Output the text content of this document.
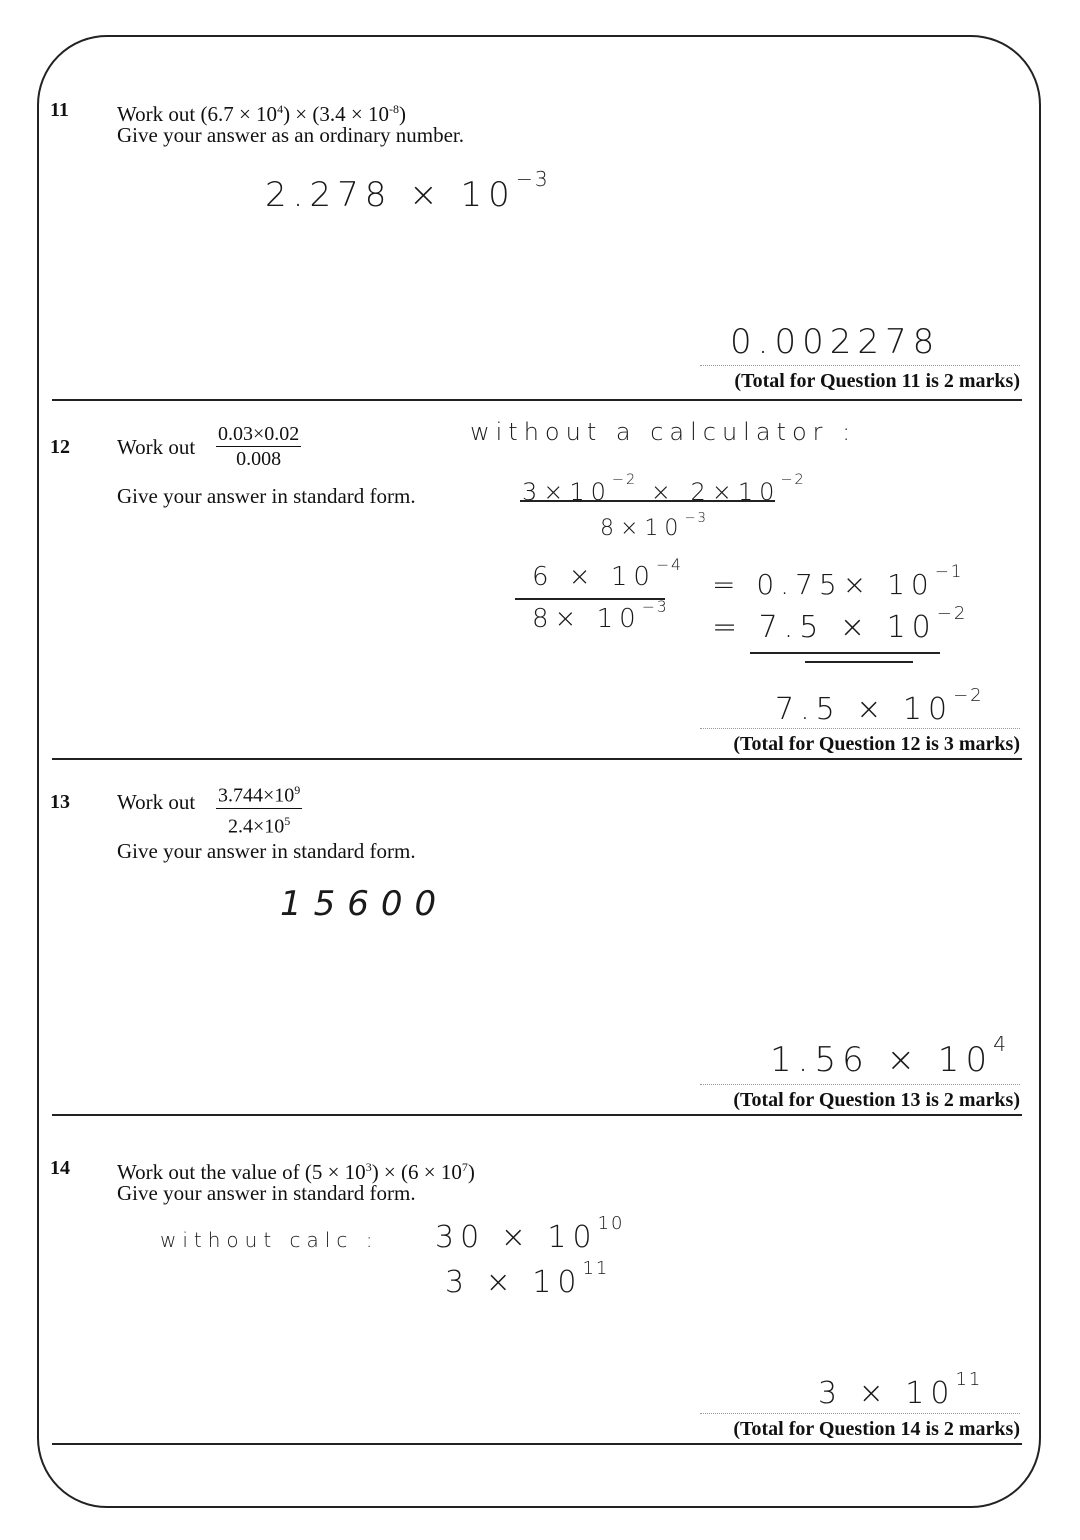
11 Work out $(6.7 \times 10^4) \times (3.4 \times 10^{-8})$
Give your answer as an ordinary number.
$2.278 \times 10^{-3}$
0.002278
(Total for Question 11 is 2 marks)
12 Work out $\frac{0.03\times 0.02}{0.008}$
Give your answer in standard form.
without a calculator :
$3\times 10^{-2} \times 2\times 10^{-2}$
$8\times 10^{-3}$
$6 \times 10^{-4}$
$8\times 10^{-3}$
= $0.75\times 10^{-1}$
= $7.5 \times 10^{-2}$
$7.5 \times 10^{-2}$
(Total for Question 12 is 3 marks)
13 Work out $\frac{3.744\times 10^9}{2.4\times 10^5}$
Give your answer in standard form.
15600
$1.56 \times 10^4$
(Total for Question 13 is 2 marks)
14 Work out the value of $(5 \times 10^3) \times (6 \times 10^7)$
Give your answer in standard form.
without calc : $30 \times 10^{10}$
$3 \times 10^{11}$
$3 \times 10^{11}$
(Total for Question 14 is 2 marks)
